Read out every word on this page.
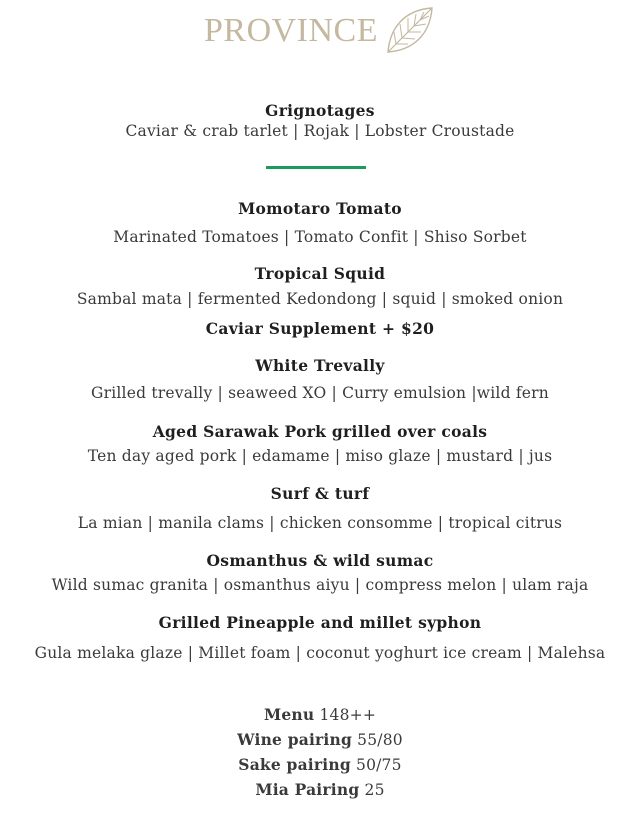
PROVINCE
Grignotages
Caviar & crab tarlet | Rojak | Lobster Croustade
Momotaro Tomato
Marinated Tomatoes | Tomato Confit | Shiso Sorbet
Tropical Squid
Sambal mata | fermented Kedondong | squid | smoked onion
Caviar Supplement + $20
White Trevally
Grilled trevally | seaweed XO | Curry emulsion |wild fern
Aged Sarawak Pork grilled over coals
Ten day aged pork | edamame | miso glaze | mustard | jus
Surf & turf
La mian | manila clams | chicken consomme | tropical citrus
Osmanthus & wild sumac
Wild sumac granita | osmanthus aiyu | compress melon | ulam raja
Grilled Pineapple and millet syphon
Gula melaka glaze | Millet foam | coconut yoghurt ice cream | Malehsa
Menu 148++
Wine pairing 55/80
Sake pairing 50/75
Mia Pairing 25
